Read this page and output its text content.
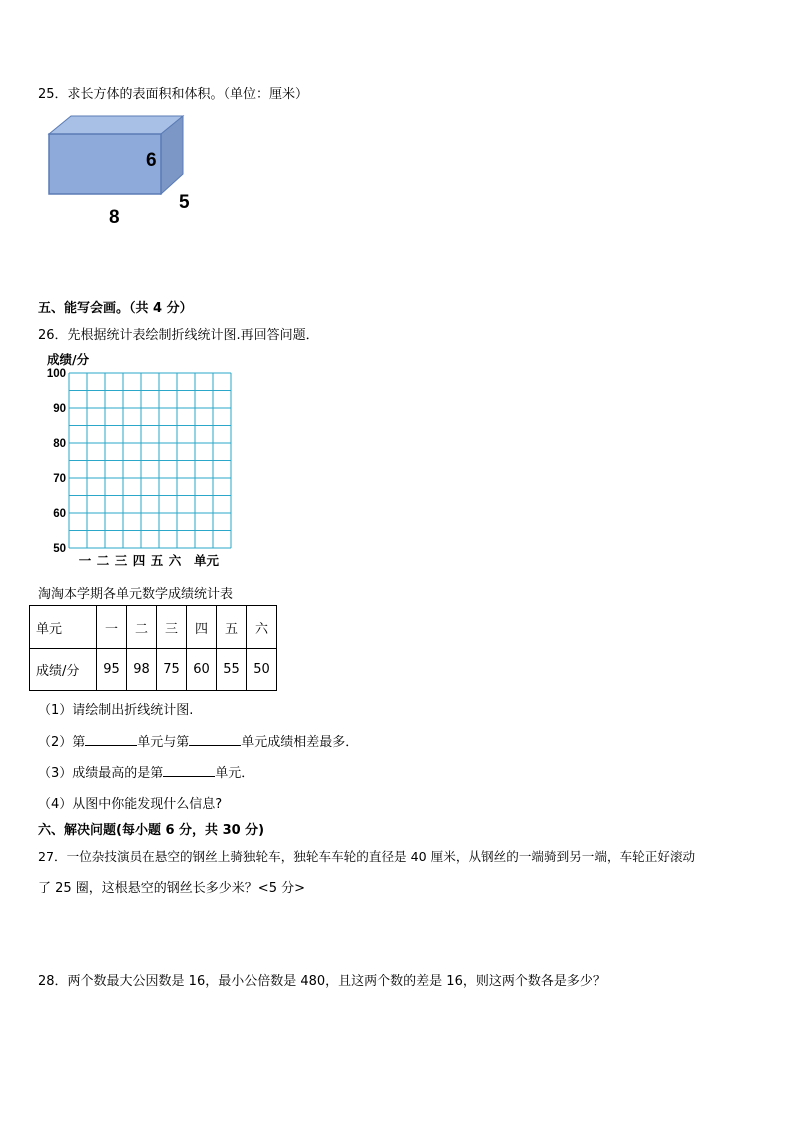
25．求长方体的表面积和体积。（单位：厘米）
6
5
8
五、能写会画。（共 4 分）
26．先根据统计表绘制折线统计图.再回答问题．
成绩/分
100
90
80
70
60
50
一 二 三 四 五 六 单元
淘淘本学期各单元数学成绩统计表
单元	一	二	三	四	五	六
成绩/分	95	98	75	60	55	50
（1）请绘制出折线统计图.
（2）第	单元与第	单元成绩相差最多．
（3）成绩最高的是第	单元．
（4）从图中你能发现什么信息?
六、解决问题(每小题 6 分，共 30 分)
27．一位杂技演员在悬空的钢丝上骑独轮车，独轮车车轮的直径是 40 厘米，从钢丝的一端骑到另一端，车轮正好滚动
了 25 圈，这根悬空的钢丝长多少米？<5 分>
28．两个数最大公因数是 16，最小公倍数是 480，且这两个数的差是 16，则这两个数各是多少？
